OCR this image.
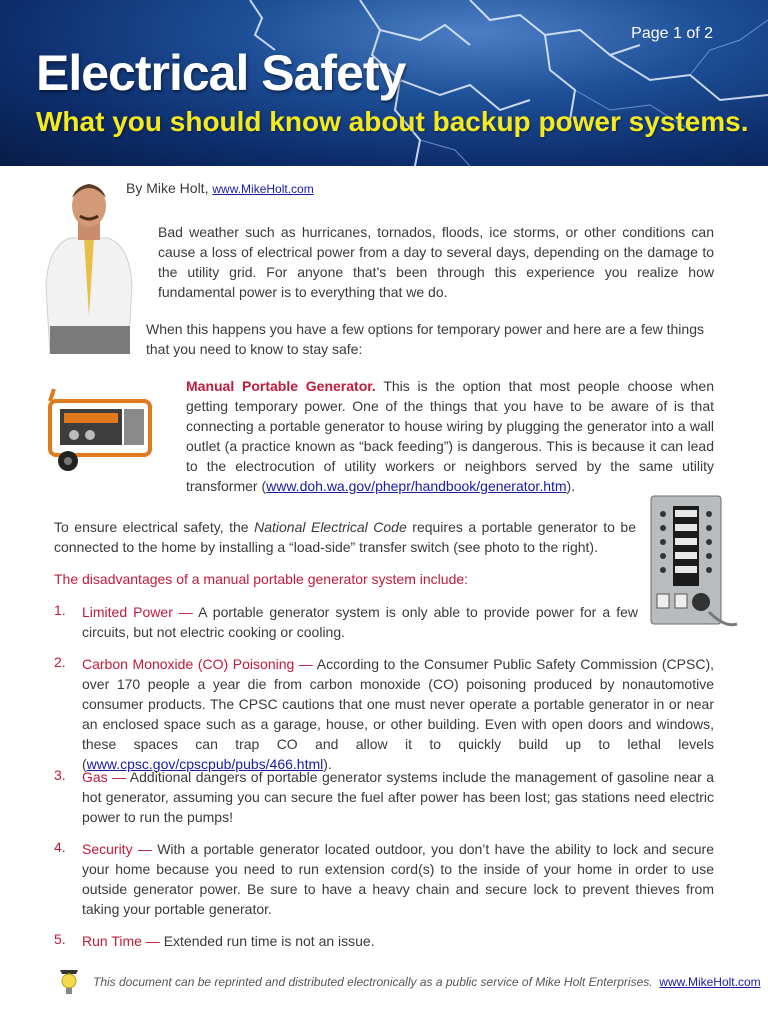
Page 1 of 2
Electrical Safety
What you should know about backup power systems.
By Mike Holt, www.MikeHolt.com

Bad weather such as hurricanes, tornados, floods, ice storms, or other conditions can cause a loss of electrical power from a day to several days, depending on the damage to the utility grid. For anyone that’s been through this experience you realize how fundamental power is to everything that we do.

When this happens you have a few options for temporary power and here are a few things that you need to know to stay safe:

Manual Portable Generator. This is the option that most people choose when getting temporary power. One of the things that you have to be aware of is that connecting a portable generator to house wiring by plugging the generator into a wall outlet (a practice known as “back feeding”) is dangerous. This is because it can lead to the electrocution of utility workers or neighbors served by the same utility transformer (www.doh.wa.gov/phepr/handbook/generator.htm).

To ensure electrical safety, the National Electrical Code requires a portable generator to be connected to the home by installing a “load-side” transfer switch (see photo to the right).

The disadvantages of a manual portable generator system include:

1. Limited Power — A portable generator system is only able to provide power for a few circuits, but not electric cooking or cooling.

2. Carbon Monoxide (CO) Poisoning — According to the Consumer Public Safety Commission (CPSC), over 170 people a year die from carbon monoxide (CO) poisoning produced by nonautomotive consumer products. The CPSC cautions that one must never operate a portable generator in or near an enclosed space such as a garage, house, or other building. Even with open doors and windows, these spaces can trap CO and allow it to quickly build up to lethal levels (www.cpsc.gov/cpscpub/pubs/466.html).

3. Gas — Additional dangers of portable generator systems include the management of gasoline near a hot generator, assuming you can secure the fuel after power has been lost; gas stations need electric power to run the pumps!

4. Security — With a portable generator located outdoor, you don’t have the ability to lock and secure your home because you need to run extension cord(s) to the inside of your home in order to use outside generator power. Be sure to have a heavy chain and secure lock to prevent thieves from taking your portable generator.

5. Run Time — Extended run time is not an issue.

This document can be reprinted and distributed electronically as a public service of Mike Holt Enterprises. www.MikeHolt.com
